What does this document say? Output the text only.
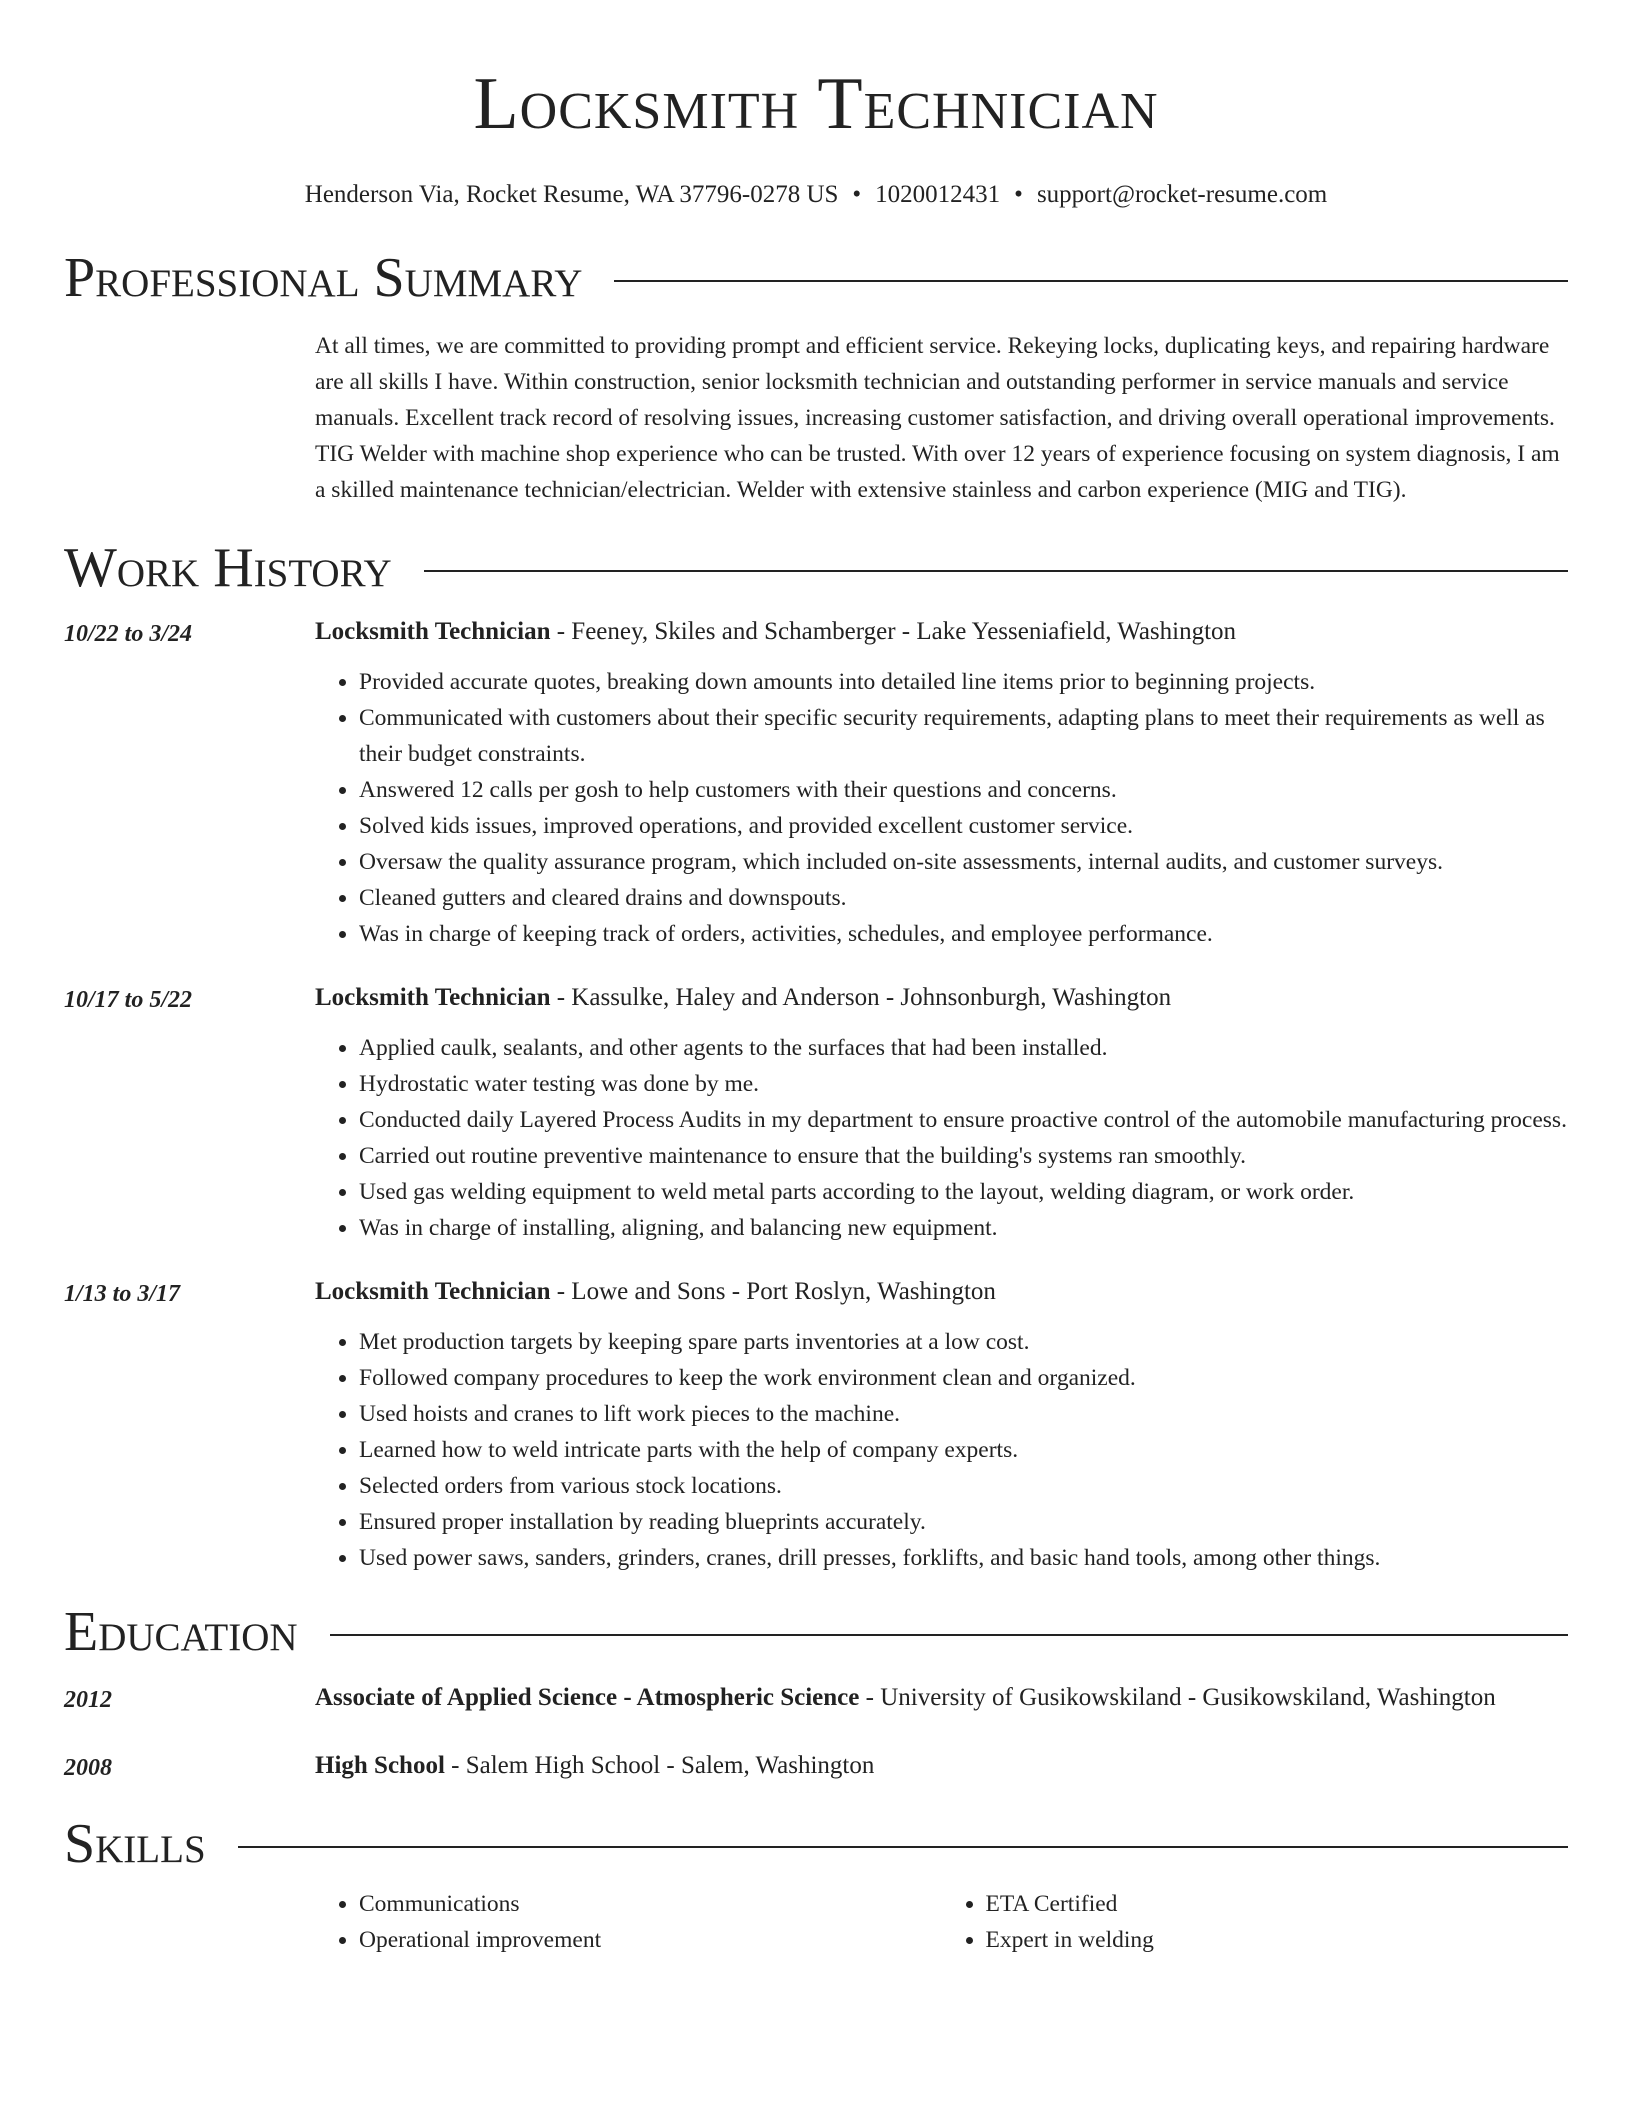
Locksmith Technician
Henderson Via, Rocket Resume, WA 37796-0278 US • 1020012431 • support@rocket-resume.com
Professional Summary
At all times, we are committed to providing prompt and efficient service. Rekeying locks, duplicating keys, and repairing hardware are all skills I have. Within construction, senior locksmith technician and outstanding performer in service manuals and service manuals. Excellent track record of resolving issues, increasing customer satisfaction, and driving overall operational improvements. TIG Welder with machine shop experience who can be trusted. With over 12 years of experience focusing on system diagnosis, I am a skilled maintenance technician/electrician. Welder with extensive stainless and carbon experience (MIG and TIG).
Work History
10/22 to 3/24	Locksmith Technician - Feeney, Skiles and Schamberger - Lake Yesseniafield, Washington
• Provided accurate quotes, breaking down amounts into detailed line items prior to beginning projects.
• Communicated with customers about their specific security requirements, adapting plans to meet their requirements as well as their budget constraints.
• Answered 12 calls per gosh to help customers with their questions and concerns.
• Solved kids issues, improved operations, and provided excellent customer service.
• Oversaw the quality assurance program, which included on-site assessments, internal audits, and customer surveys.
• Cleaned gutters and cleared drains and downspouts.
• Was in charge of keeping track of orders, activities, schedules, and employee performance.
10/17 to 5/22	Locksmith Technician - Kassulke, Haley and Anderson - Johnsonburgh, Washington
• Applied caulk, sealants, and other agents to the surfaces that had been installed.
• Hydrostatic water testing was done by me.
• Conducted daily Layered Process Audits in my department to ensure proactive control of the automobile manufacturing process.
• Carried out routine preventive maintenance to ensure that the building's systems ran smoothly.
• Used gas welding equipment to weld metal parts according to the layout, welding diagram, or work order.
• Was in charge of installing, aligning, and balancing new equipment.
1/13 to 3/17	Locksmith Technician - Lowe and Sons - Port Roslyn, Washington
• Met production targets by keeping spare parts inventories at a low cost.
• Followed company procedures to keep the work environment clean and organized.
• Used hoists and cranes to lift work pieces to the machine.
• Learned how to weld intricate parts with the help of company experts.
• Selected orders from various stock locations.
• Ensured proper installation by reading blueprints accurately.
• Used power saws, sanders, grinders, cranes, drill presses, forklifts, and basic hand tools, among other things.
Education
2012	Associate of Applied Science - Atmospheric Science - University of Gusikowskiland - Gusikowskiland, Washington
2008	High School - Salem High School - Salem, Washington
Skills
• Communications
• Operational improvement
• ETA Certified
• Expert in welding
